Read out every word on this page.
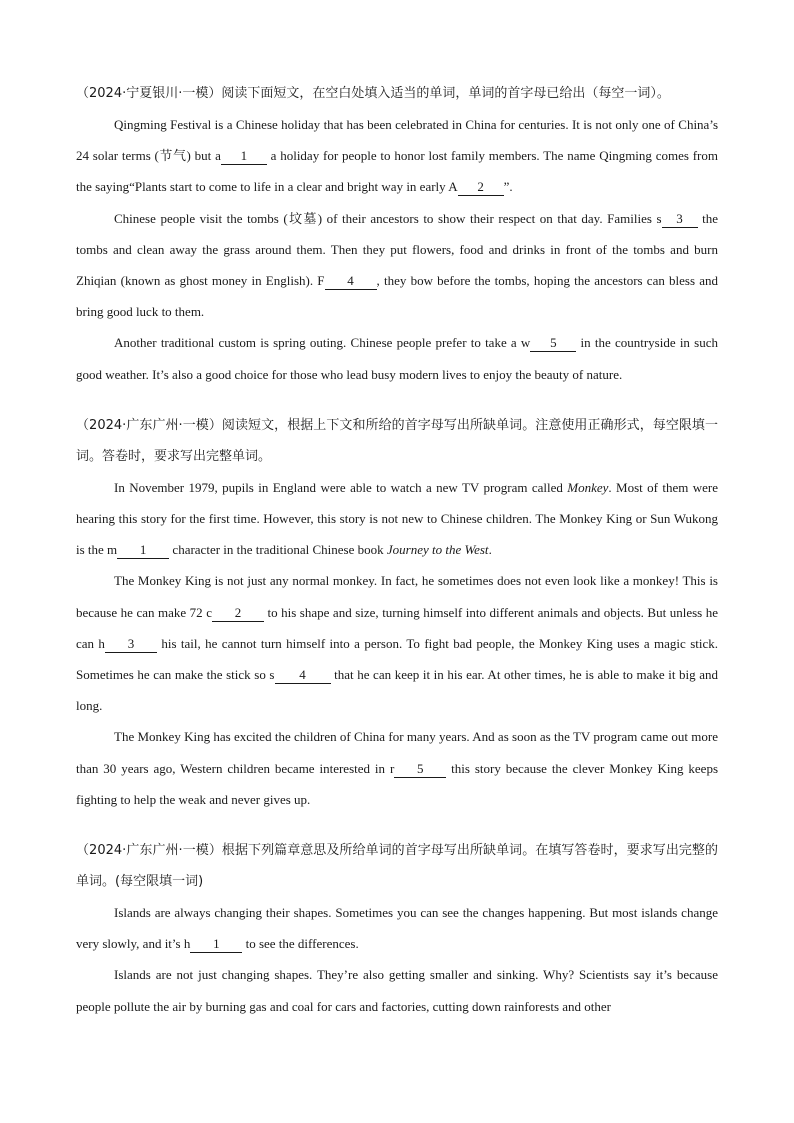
（2024·宁夏银川·一模）阅读下面短文，在空白处填入适当的单词，单词的首字母已给出（每空一词）。

Qingming Festival is a Chinese holiday that has been celebrated in China for centuries. It is not only one of China’s 24 solar terms (节气) but a 1 a holiday for people to honor lost family members. The name Qingming comes from the saying“Plants start to come to life in a clear and bright way in early A 2 ”.

Chinese people visit the tombs (坟墓) of their ancestors to show their respect on that day. Families s 3 the tombs and clean away the grass around them. Then they put flowers, food and drinks in front of the tombs and burn Zhiqian (known as ghost money in English). F 4 , they bow before the tombs, hoping the ancestors can bless and bring good luck to them.

Another traditional custom is spring outing. Chinese people prefer to take a w 5 in the countryside in such good weather. It’s also a good choice for those who lead busy modern lives to enjoy the beauty of nature.

（2024·广东广州·一模）阅读短文，根据上下文和所给的首字母写出所缺单词。注意使用正确形式，每空限填一词。答卷时，要求写出完整单词。

In November 1979, pupils in England were able to watch a new TV program called Monkey. Most of them were hearing this story for the first time. However, this story is not new to Chinese children. The Monkey King or Sun Wukong is the m 1 character in the traditional Chinese book Journey to the West.

The Monkey King is not just any normal monkey. In fact, he sometimes does not even look like a monkey! This is because he can make 72 c 2 to his shape and size, turning himself into different animals and objects. But unless he can h 3 his tail, he cannot turn himself into a person. To fight bad people, the Monkey King uses a magic stick. Sometimes he can make the stick so s 4 that he can keep it in his ear. At other times, he is able to make it big and long.

The Monkey King has excited the children of China for many years. And as soon as the TV program came out more than 30 years ago, Western children became interested in r 5 this story because the clever Monkey King keeps fighting to help the weak and never gives up.

（2024·广东广州·一模）根据下列篇章意思及所给单词的首字母写出所缺单词。在填写答卷时，要求写出完整的单词。(每空限填一词)

Islands are always changing their shapes. Sometimes you can see the changes happening. But most islands change very slowly, and it’s h 1 to see the differences.

Islands are not just changing shapes. They’re also getting smaller and sinking. Why? Scientists say it’s because people pollute the air by burning gas and coal for cars and factories, cutting down rainforests and other
